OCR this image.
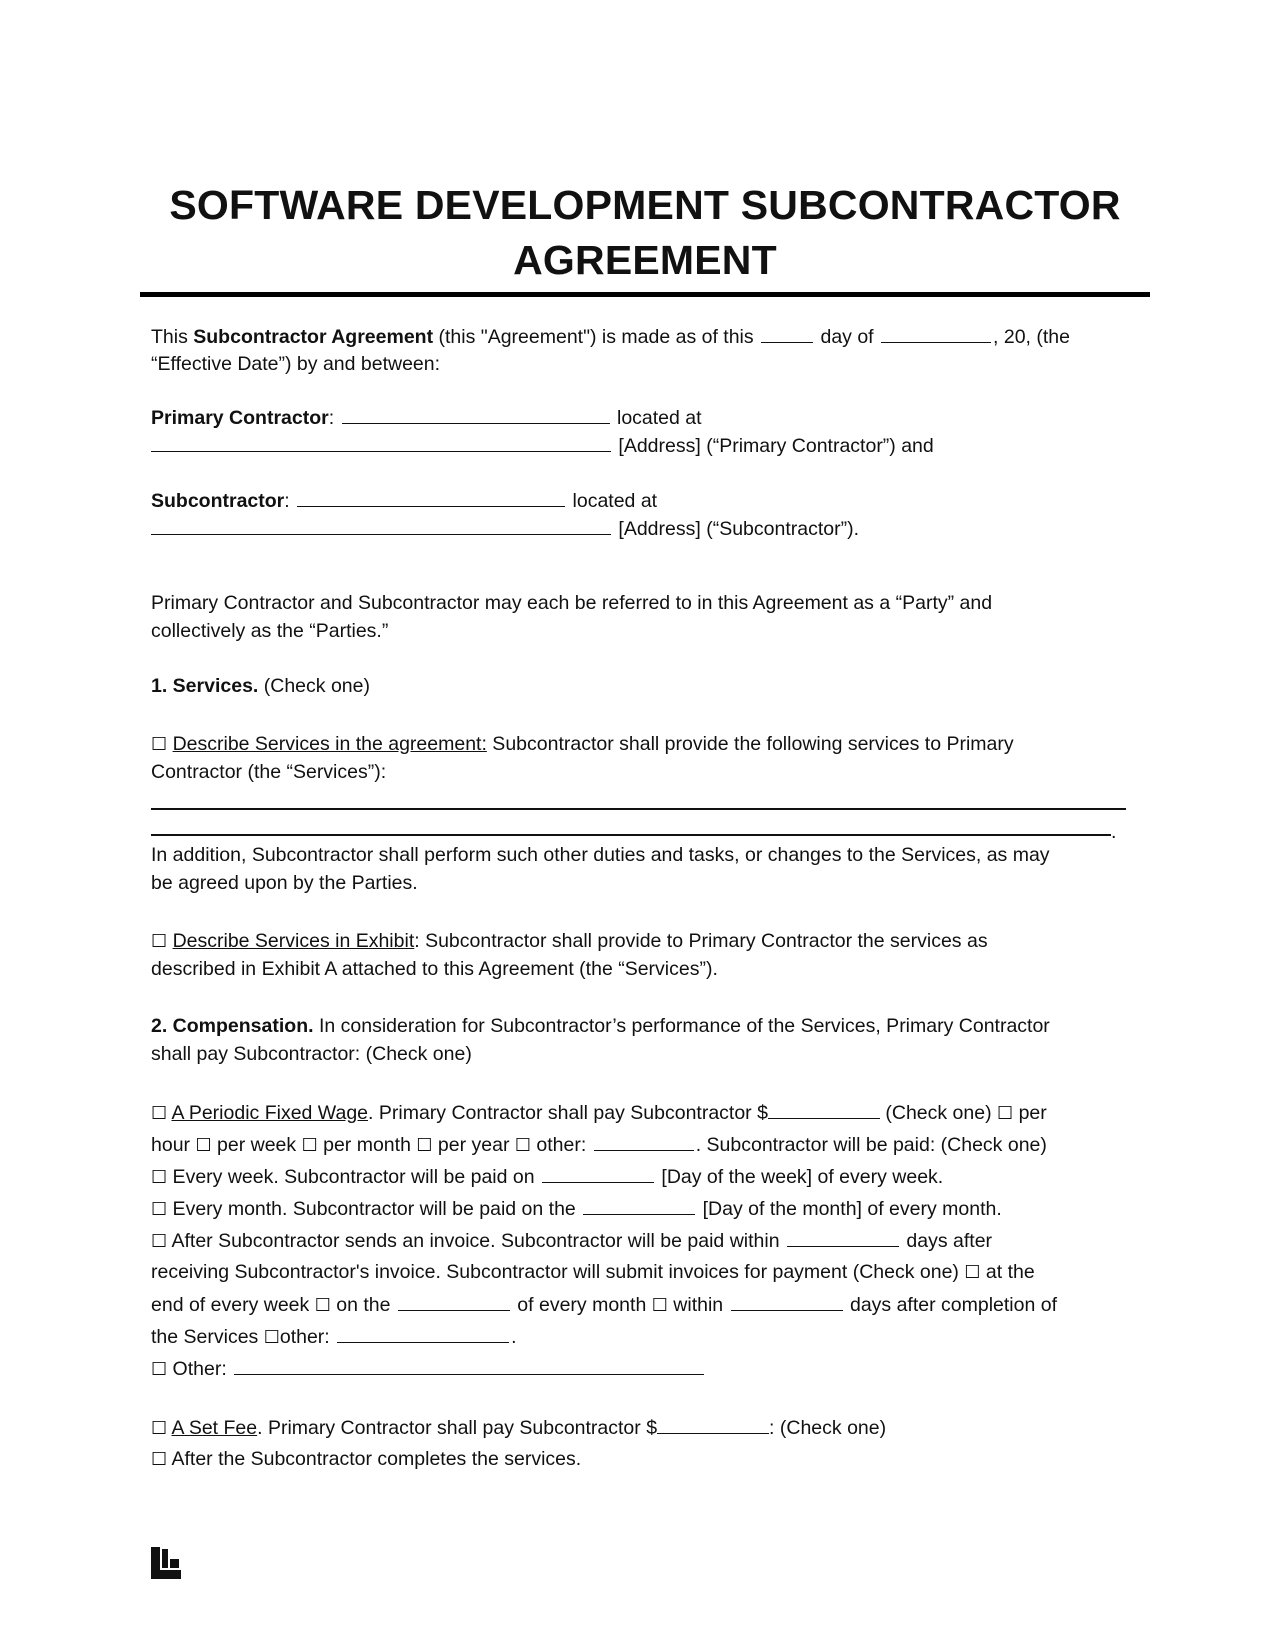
SOFTWARE DEVELOPMENT SUBCONTRACTOR AGREEMENT
This Subcontractor Agreement (this "Agreement") is made as of this	day of	, 20, (the
“Effective Date”) by and between:
Primary Contractor:	located at
[Address] (“Primary Contractor”) and
Subcontractor:	located at
[Address] (“Subcontractor”).
Primary Contractor and Subcontractor may each be referred to in this Agreement as a “Party” and
collectively as the “Parties.”
1. Services. (Check one)
☐ Describe Services in the agreement: Subcontractor shall provide the following services to Primary
Contractor (the “Services”):
.
In addition, Subcontractor shall perform such other duties and tasks, or changes to the Services, as may
be agreed upon by the Parties.
☐ Describe Services in Exhibit: Subcontractor shall provide to Primary Contractor the services as
described in Exhibit A attached to this Agreement (the “Services”).
2. Compensation. In consideration for Subcontractor’s performance of the Services, Primary Contractor
shall pay Subcontractor: (Check one)
☐ A Periodic Fixed Wage. Primary Contractor shall pay Subcontractor $	(Check one) ☐ per
hour ☐ per week ☐ per month ☐ per year ☐ other:	. Subcontractor will be paid: (Check one)
☐ Every week. Subcontractor will be paid on	[Day of the week] of every week.
☐ Every month. Subcontractor will be paid on the	[Day of the month] of every month.
☐ After Subcontractor sends an invoice. Subcontractor will be paid within	days after
receiving Subcontractor's invoice. Subcontractor will submit invoices for payment (Check one) ☐ at the
end of every week ☐ on the	of every month ☐ within	days after completion of
the Services ☐other:	.
☐ Other:
☐ A Set Fee. Primary Contractor shall pay Subcontractor $	: (Check one)
☐ After the Subcontractor completes the services.
